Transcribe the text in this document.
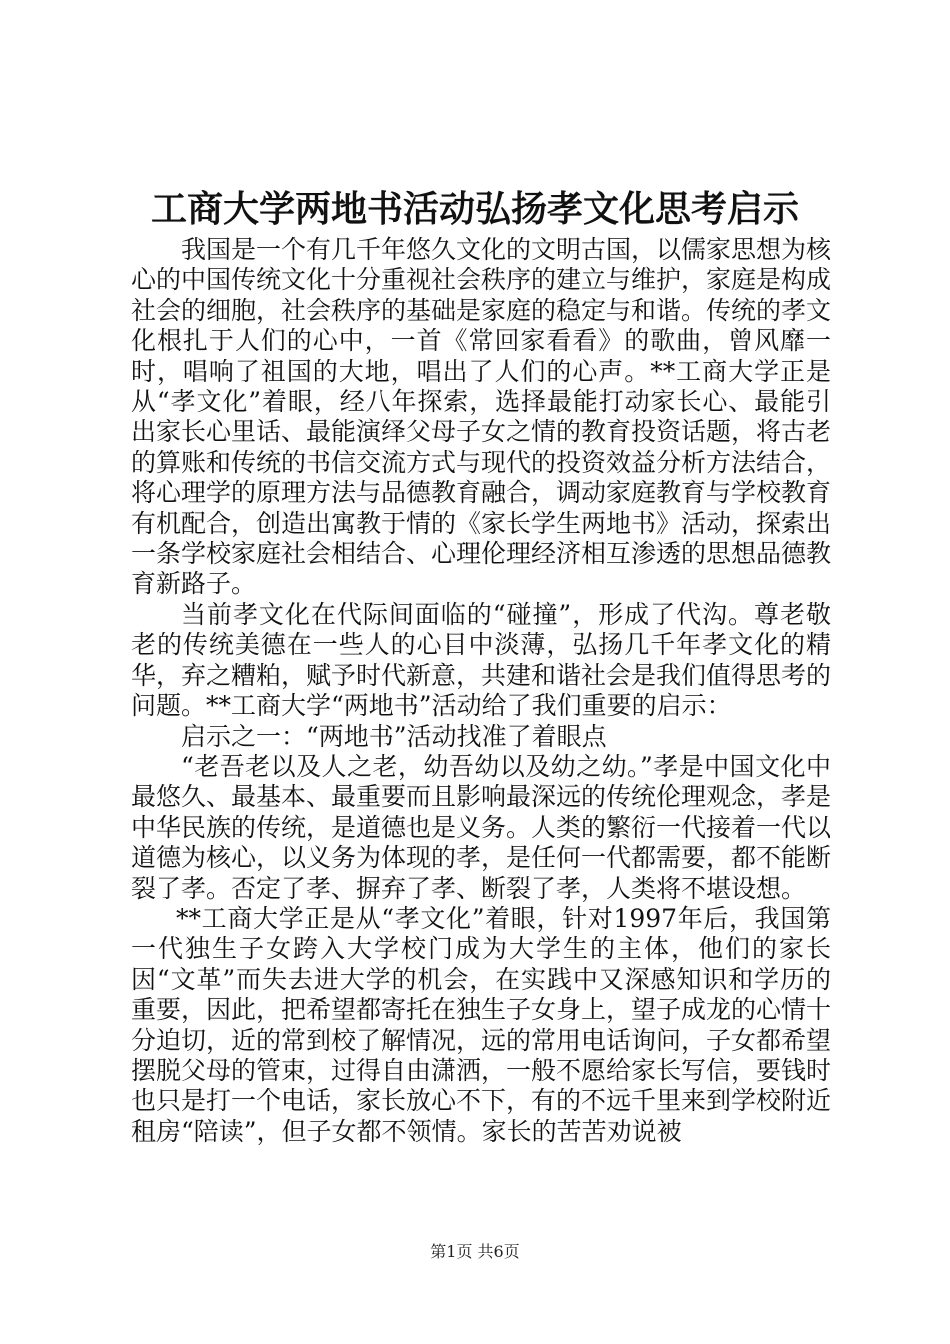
工商大学两地书活动弘扬孝文化思考启示

我国是一个有几千年悠久文化的文明古国，以儒家思想为核心的中国传统文化十分重视社会秩序的建立与维护，家庭是构成社会的细胞，社会秩序的基础是家庭的稳定与和谐。传统的孝文化根扎于人们的心中，一首《常回家看看》的歌曲，曾风靡一时，唱响了祖国的大地，唱出了人们的心声。**工商大学正是从“孝文化”着眼，经八年探索，选择最能打动家长心、最能引出家长心里话、最能演绎父母子女之情的教育投资话题，将古老的算账和传统的书信交流方式与现代的投资效益分析方法结合，将心理学的原理方法与品德教育融合，调动家庭教育与学校教育有机配合，创造出寓教于情的《家长学生两地书》活动，探索出一条学校家庭社会相结合、心理伦理经济相互渗透的思想品德教育新路子。

当前孝文化在代际间面临的“碰撞”，形成了代沟。尊老敬老的传统美德在一些人的心目中淡薄，弘扬几千年孝文化的精华，弃之糟粕，赋予时代新意，共建和谐社会是我们值得思考的问题。**工商大学“两地书”活动给了我们重要的启示：

启示之一：“两地书”活动找准了着眼点

“老吾老以及人之老，幼吾幼以及幼之幼。”孝是中国文化中最悠久、最基本、最重要而且影响最深远的传统伦理观念，孝是中华民族的传统，是道德也是义务。人类的繁衍一代接着一代以道德为核心，以义务为体现的孝，是任何一代都需要，都不能断裂了孝。否定了孝、摒弃了孝、断裂了孝，人类将不堪设想。

**工商大学正是从“孝文化”着眼，针对1997年后，我国第一代独生子女跨入大学校门成为大学生的主体，他们的家长因“文革”而失去进大学的机会，在实践中又深感知识和学历的重要，因此，把希望都寄托在独生子女身上，望子成龙的心情十分迫切，近的常到校了解情况，远的常用电话询问，子女都希望摆脱父母的管束，过得自由潇洒，一般不愿给家长写信，要钱时也只是打一个电话，家长放心不下，有的不远千里来到学校附近租房“陪读”，但子女都不领情。家长的苦苦劝说被

第1页 共6页
